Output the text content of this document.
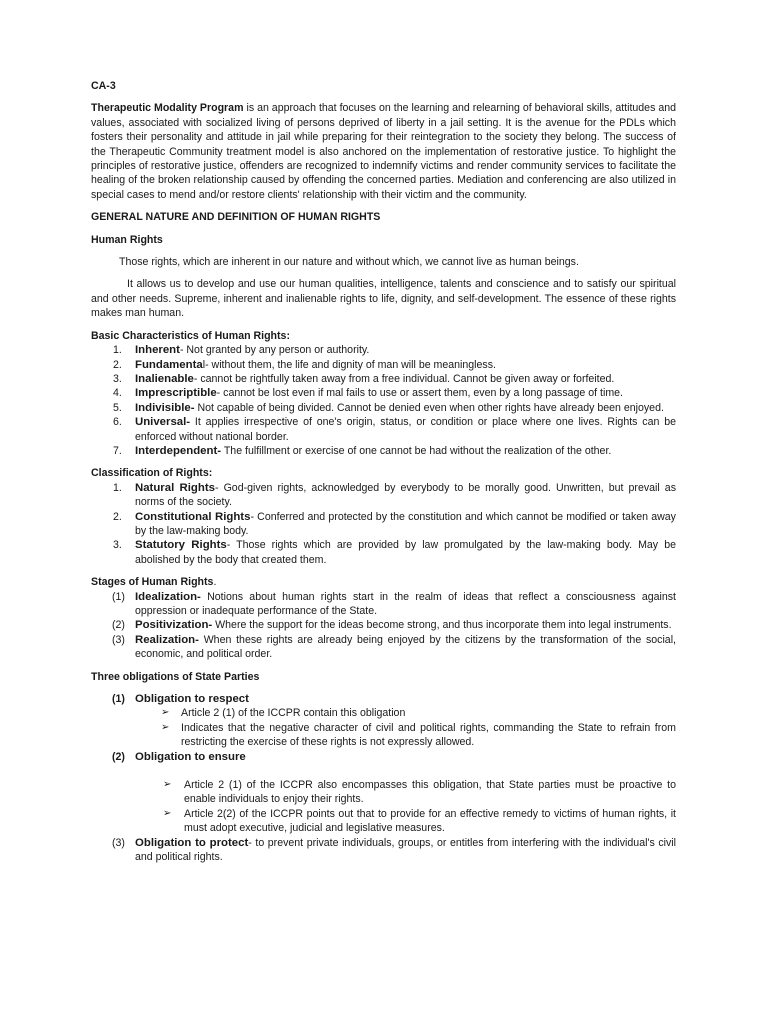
CA-3

Therapeutic Modality Program is an approach that focuses on the learning and relearning of behavioral skills, attitudes and values, associated with socialized living of persons deprived of liberty in a jail setting. It is the avenue for the PDLs which fosters their personality and attitude in jail while preparing for their reintegration to the society they belong. The success of the Therapeutic Community treatment model is also anchored on the implementation of restorative justice. To highlight the principles of restorative justice, offenders are recognized to indemnify victims and render community services to facilitate the healing of the broken relationship caused by offending the concerned parties. Mediation and conferencing are also utilized in special cases to mend and/or restore clients' relationship with their victim and the community.

GENERAL NATURE AND DEFINITION OF HUMAN RIGHTS

Human Rights

Those rights, which are inherent in our nature and without which, we cannot live as human beings.

It allows us to develop and use our human qualities, intelligence, talents and conscience and to satisfy our spiritual and other needs. Supreme, inherent and inalienable rights to life, dignity, and self-development. The essence of these rights makes man human.

Basic Characteristics of Human Rights:

1. Inherent- Not granted by any person or authority.
2. Fundamental- without them, the life and dignity of man will be meaningless.
3. Inalienable- cannot be rightfully taken away from a free individual. Cannot be given away or forfeited.
4. Imprescriptible- cannot be lost even if mal fails to use or assert them, even by a long passage of time.
5. Indivisible- Not capable of being divided. Cannot be denied even when other rights have already been enjoyed.
6. Universal- It applies irrespective of one's origin, status, or condition or place where one lives. Rights can be enforced without national border.
7. Interdependent- The fulfillment or exercise of one cannot be had without the realization of the other.

Classification of Rights:

1. Natural Rights- God-given rights, acknowledged by everybody to be morally good. Unwritten, but prevail as norms of the society.
2. Constitutional Rights- Conferred and protected by the constitution and which cannot be modified or taken away by the law-making body.
3. Statutory Rights- Those rights which are provided by law promulgated by the law-making body. May be abolished by the body that created them.

Stages of Human Rights.

(1) Idealization- Notions about human rights start in the realm of ideas that reflect a consciousness against oppression or inadequate performance of the State.
(2) Positivization- Where the support for the ideas become strong, and thus incorporate them into legal instruments.
(3) Realization- When these rights are already being enjoyed by the citizens by the transformation of the social, economic, and political order.

Three obligations of State Parties

(1) Obligation to respect
➢ Article 2 (1) of the ICCPR contain this obligation
➢ Indicates that the negative character of civil and political rights, commanding the State to refrain from restricting the exercise of these rights is not expressly allowed.
(2) Obligation to ensure
➢ Article 2 (1) of the ICCPR also encompasses this obligation, that State parties must be proactive to enable individuals to enjoy their rights.
➢ Article 2(2) of the ICCPR points out that to provide for an effective remedy to victims of human rights, it must adopt executive, judicial and legislative measures.
(3) Obligation to protect- to prevent private individuals, groups, or entitles from interfering with the individual's civil and political rights.
